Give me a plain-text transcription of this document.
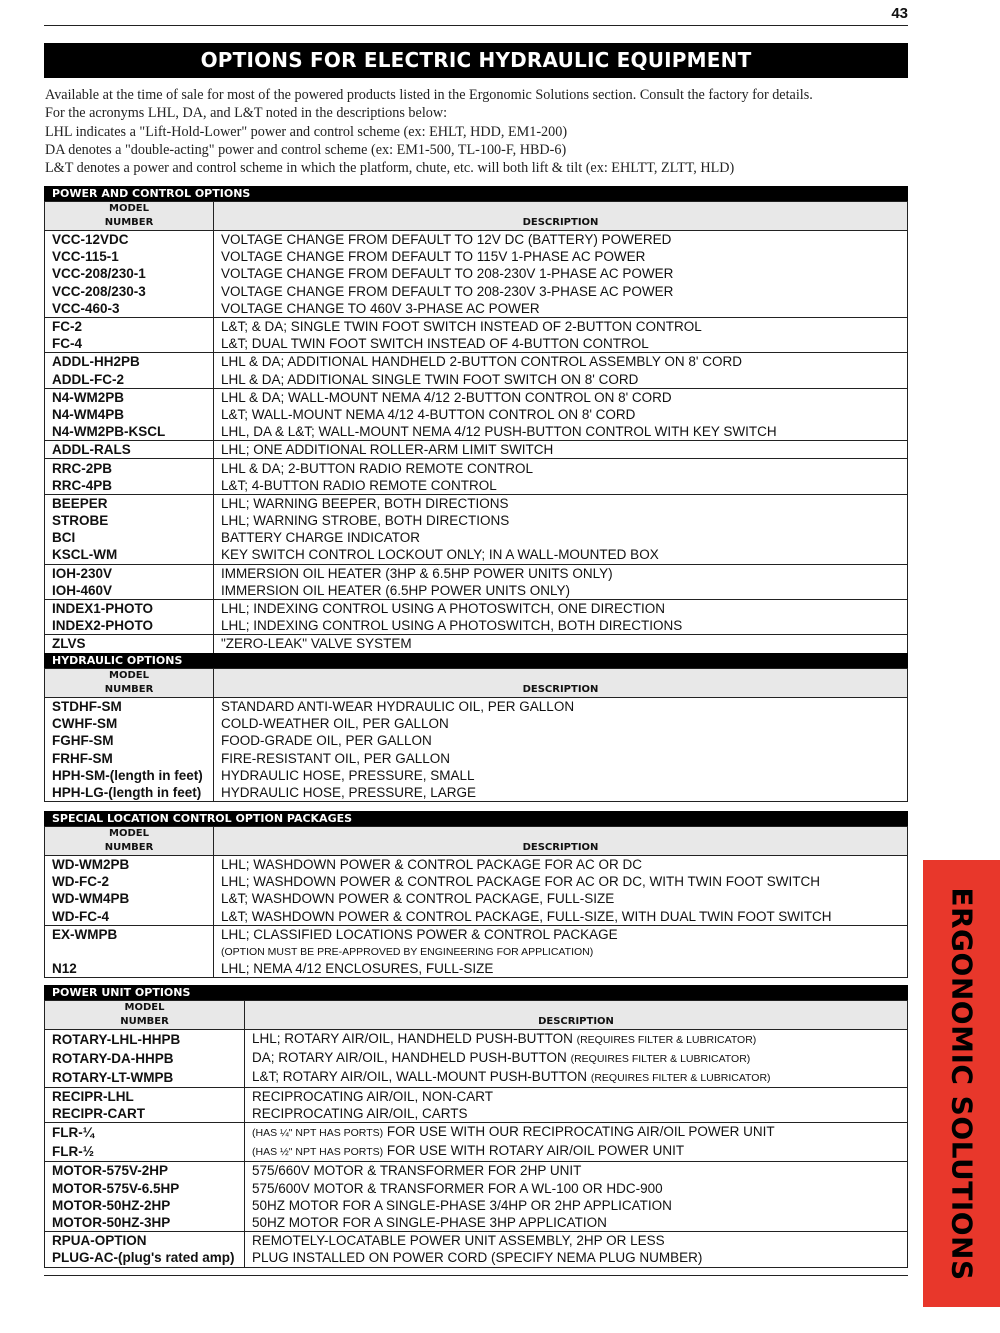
43
OPTIONS FOR ELECTRIC HYDRAULIC EQUIPMENT
Available at the time of sale for most of the powered products listed in the Ergonomic Solutions section. Consult the factory for details.
For the acronyms LHL, DA, and L&T noted in the descriptions below:
LHL indicates a "Lift-Hold-Lower" power and control scheme (ex: EHLT, HDD, EM1-200)
DA denotes a "double-acting" power and control scheme (ex: EM1-500, TL-100-F, HBD-6)
L&T denotes a power and control scheme in which the platform, chute, etc. will both lift & tilt (ex: EHLTT, ZLTT, HLD)
POWER AND CONTROL OPTIONS
MODEL
NUMBER	DESCRIPTION
VCC-12VDC	VOLTAGE CHANGE FROM DEFAULT TO 12V DC (BATTERY) POWERED
VCC-115-1	VOLTAGE CHANGE FROM DEFAULT TO 115V 1-PHASE AC POWER
VCC-208/230-1	VOLTAGE CHANGE FROM DEFAULT TO 208-230V 1-PHASE AC POWER
VCC-208/230-3	VOLTAGE CHANGE FROM DEFAULT TO 208-230V 3-PHASE AC POWER
VCC-460-3	VOLTAGE CHANGE TO 460V 3-PHASE AC POWER
FC-2	L&T; & DA; SINGLE TWIN FOOT SWITCH INSTEAD OF 2-BUTTON CONTROL
FC-4	L&T; DUAL TWIN FOOT SWITCH INSTEAD OF 4-BUTTON CONTROL
ADDL-HH2PB	LHL & DA; ADDITIONAL HANDHELD 2-BUTTON CONTROL ASSEMBLY ON 8' CORD
ADDL-FC-2	LHL & DA; ADDITIONAL SINGLE TWIN FOOT SWITCH ON 8' CORD
N4-WM2PB	LHL & DA; WALL-MOUNT NEMA 4/12 2-BUTTON CONTROL ON 8' CORD
N4-WM4PB	L&T; WALL-MOUNT NEMA 4/12 4-BUTTON CONTROL ON 8' CORD
N4-WM2PB-KSCL	LHL, DA & L&T; WALL-MOUNT NEMA 4/12 PUSH-BUTTON CONTROL WITH KEY SWITCH
ADDL-RALS	LHL; ONE ADDITIONAL ROLLER-ARM LIMIT SWITCH
RRC-2PB	LHL & DA; 2-BUTTON RADIO REMOTE CONTROL
RRC-4PB	L&T; 4-BUTTON RADIO REMOTE CONTROL
BEEPER	LHL; WARNING BEEPER, BOTH DIRECTIONS
STROBE	LHL; WARNING STROBE, BOTH DIRECTIONS
BCI	BATTERY CHARGE INDICATOR
KSCL-WM	KEY SWITCH CONTROL LOCKOUT ONLY; IN A WALL-MOUNTED BOX
IOH-230V	IMMERSION OIL HEATER (3HP & 6.5HP POWER UNITS ONLY)
IOH-460V	IMMERSION OIL HEATER (6.5HP POWER UNITS ONLY)
INDEX1-PHOTO	LHL; INDEXING CONTROL USING A PHOTOSWITCH, ONE DIRECTION
INDEX2-PHOTO	LHL; INDEXING CONTROL USING A PHOTOSWITCH, BOTH DIRECTIONS
ZLVS	"ZERO-LEAK" VALVE SYSTEM
HYDRAULIC OPTIONS
MODEL
NUMBER	DESCRIPTION
STDHF-SM	STANDARD ANTI-WEAR HYDRAULIC OIL, PER GALLON
CWHF-SM	COLD-WEATHER OIL, PER GALLON
FGHF-SM	FOOD-GRADE OIL, PER GALLON
FRHF-SM	FIRE-RESISTANT OIL, PER GALLON
HPH-SM-(length in feet)	HYDRAULIC HOSE, PRESSURE, SMALL
HPH-LG-(length in feet)	HYDRAULIC HOSE, PRESSURE, LARGE
SPECIAL LOCATION CONTROL OPTION PACKAGES
MODEL
NUMBER	DESCRIPTION
WD-WM2PB	LHL; WASHDOWN POWER & CONTROL PACKAGE FOR AC OR DC
WD-FC-2	LHL; WASHDOWN POWER & CONTROL PACKAGE FOR AC OR DC, WITH TWIN FOOT SWITCH
WD-WM4PB	L&T; WASHDOWN POWER & CONTROL PACKAGE, FULL-SIZE
WD-FC-4	L&T; WASHDOWN POWER & CONTROL PACKAGE, FULL-SIZE, WITH DUAL TWIN FOOT SWITCH
EX-WMPB	LHL; CLASSIFIED LOCATIONS POWER & CONTROL PACKAGE
	(OPTION MUST BE PRE-APPROVED BY ENGINEERING FOR APPLICATION)
N12	LHL; NEMA 4/12 ENCLOSURES, FULL-SIZE
POWER UNIT OPTIONS
MODEL
NUMBER	DESCRIPTION
ROTARY-LHL-HHPB	LHL; ROTARY AIR/OIL, HANDHELD PUSH-BUTTON (REQUIRES FILTER & LUBRICATOR)
ROTARY-DA-HHPB	DA; ROTARY AIR/OIL, HANDHELD PUSH-BUTTON (REQUIRES FILTER & LUBRICATOR)
ROTARY-LT-WMPB	L&T; ROTARY AIR/OIL, WALL-MOUNT PUSH-BUTTON (REQUIRES FILTER & LUBRICATOR)
RECIPR-LHL	RECIPROCATING AIR/OIL, NON-CART
RECIPR-CART	RECIPROCATING AIR/OIL, CARTS
FLR-¼	(HAS ¼" NPT HAS PORTS) FOR USE WITH OUR RECIPROCATING AIR/OIL POWER UNIT
FLR-½	(HAS ½" NPT HAS PORTS) FOR USE WITH ROTARY AIR/OIL POWER UNIT
MOTOR-575V-2HP	575/660V MOTOR & TRANSFORMER FOR 2HP UNIT
MOTOR-575V-6.5HP	575/600V MOTOR & TRANSFORMER FOR A WL-100 OR HDC-900
MOTOR-50HZ-2HP	50HZ MOTOR FOR A SINGLE-PHASE 3/4HP OR 2HP APPLICATION
MOTOR-50HZ-3HP	50HZ MOTOR FOR A SINGLE-PHASE 3HP APPLICATION
RPUA-OPTION	REMOTELY-LOCATABLE POWER UNIT ASSEMBLY, 2HP OR LESS
PLUG-AC-(plug's rated amp)	PLUG INSTALLED ON POWER CORD (SPECIFY NEMA PLUG NUMBER)	ERGONOMIC SOLUTIONS
